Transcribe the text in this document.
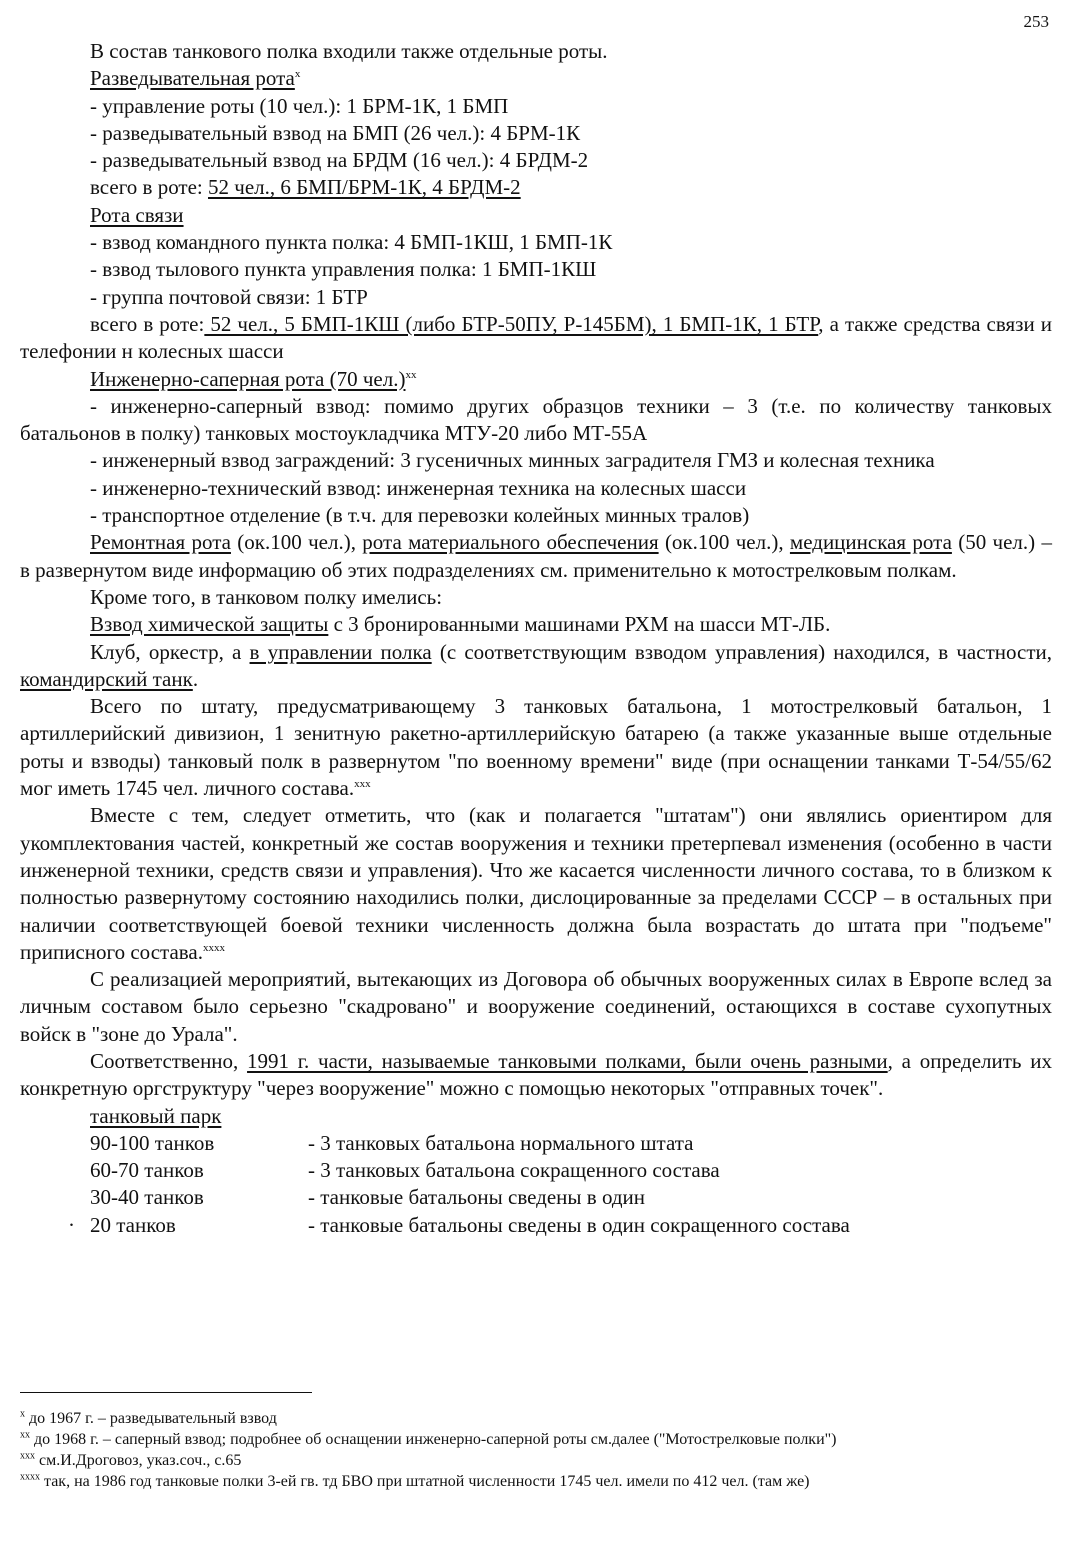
253

В состав танкового полка входили также отдельные роты.

Разведывательная рота$^x$

- управление роты (10 чел.): 1 БРМ-1К, 1 БМП

- разведывательный взвод на БМП (26 чел.): 4 БРМ-1К

- разведывательный взвод на БРДМ (16 чел.): 4 БРДМ-2

всего в роте: 52 чел., 6 БМП/БРМ-1К, 4 БРДМ-2

Рота связи

- взвод командного пункта полка: 4 БМП-1КШ, 1 БМП-1К

- взвод тылового пункта управления полка: 1 БМП-1КШ

- группа почтовой связи: 1 БТР

всего в роте: 52 чел., 5 БМП-1КШ (либо БТР-50ПУ, Р-145БМ), 1 БМП-1К, 1 БТР, а также средства связи и телефонии н колесных шасси

Инженерно-саперная рота (70 чел.)$^{xx}$

- инженерно-саперный взвод: помимо других образцов техники – 3 (т.е. по количеству танковых батальонов в полку) танковых мостоукладчика МТУ-20 либо МТ-55А

- инженерный взвод заграждений: 3 гусеничных минных заградителя ГМЗ и колесная техника

- инженерно-технический взвод: инженерная техника на колесных шасси

- транспортное отделение (в т.ч. для перевозки колейных минных тралов)

Ремонтная рота (ок.100 чел.), рота материального обеспечения (ок.100 чел.), медицинская рота (50 чел.) – в развернутом виде информацию об этих подразделениях см. применительно к мотострелковым полкам.

Кроме того, в танковом полку имелись:

Взвод химической защиты с 3 бронированными машинами РХМ на шасси МТ-ЛБ.

Клуб, оркестр, а в управлении полка (с соответствующим взводом управления) находился, в частности, командирский танк.

Всего по штату, предусматривающему 3 танковых батальона, 1 мотострелковый батальон, 1 артиллерийский дивизион, 1 зенитную ракетно-артиллерийскую батарею (а также указанные выше отдельные роты и взводы) танковый полк в развернутом "по военному времени" виде (при оснащении танками Т-54/55/62 мог иметь 1745 чел. личного состава.$^{xxx}$

Вместе с тем, следует отметить, что (как и полагается "штатам") они являлись ориентиром для укомплектования частей, конкретный же состав вооружения и техники претерпевал изменения (особенно в части инженерной техники, средств связи и управления). Что же касается численности личного состава, то в близком к полностью развернутому состоянию находились полки, дислоцированные за пределами СССР – в остальных при наличии соответствующей боевой техники численность должна была возрастать до штата при "подъеме" приписного состава.$^{xxxx}$

С реализацией мероприятий, вытекающих из Договора об обычных вооруженных силах в Европе вслед за личным составом было серьезно "скадровано" и вооружение соединений, остающихся в составе сухопутных войск в "зоне до Урала".

Соответственно, 1991 г. части, называемые танковыми полками, были очень разными, а определить их конкретную оргструктуру "через вооружение" можно с помощью некоторых "отправных точек".

танковый парк

90-100 танков	- 3 танковых батальона нормального штата
60-70 танков	- 3 танковых батальона сокращенного состава
30-40 танков	- танковые батальоны сведены в один
· 20 танков	- танковые батальоны сведены в один сокращенного состава

$^x$ до 1967 г. – разведывательный взвод

$^{xx}$ до 1968 г. – саперный взвод; подробнее об оснащении инженерно-саперной роты см.далее ("Мотострелковые полки")

$^{xxx}$ см.И.Дроговоз, указ.соч., с.65

$^{xxxx}$ так, на 1986 год танковые полки 3-ей гв. тд БВО при штатной численности 1745 чел. имели по 412 чел. (там же)
